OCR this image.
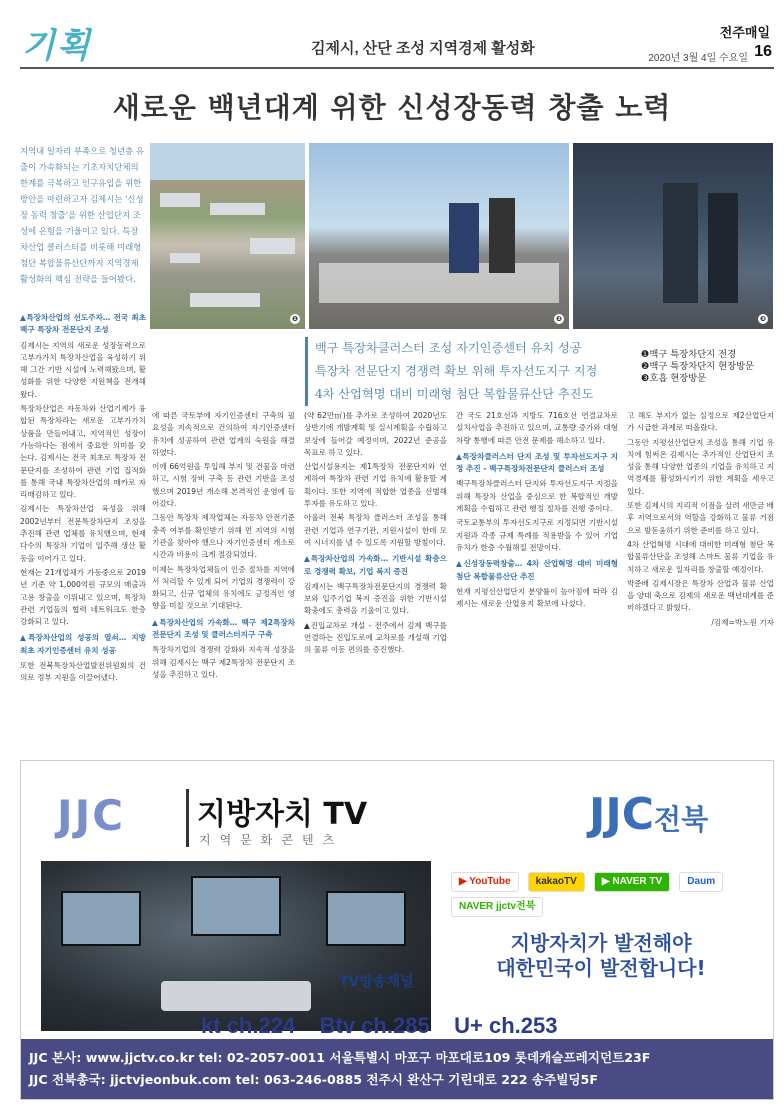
기획	김제시, 산단 조성 지역경제 활성화
전주매일
2020년 3월 4일 수요일 16
새로운 백년대계 위한 신성장동력 창출 노력
지역내 일자리 부족으로 청년층 유출이 가속화되는 기초자치단체의 한계를 극복하고 인구유입을 위한 방안을 마련하고자 김제시는 '신성장 동력 창출'을 위한 산업단지 조성에 온힘을 기울이고 있다. 특장차산업 클러스터를 비롯해 미래형 첨단 복합물류산단까지 지역경제 활성화의 핵심 전략을 들어봤다.
❶	❷	❸
백구 특장차클러스터 조성 자기인증센터 유치 성공
특장차 전문단지 경쟁력 확보 위해 투자선도지구 지정
4차 산업혁명 대비 미래형 첨단 복합물류산단 추진도
❶백구 특장차단지 전경
❷백구 특장차단지 현장방문
❸호흡 현장방문

▲특장차산업의 선도주자… 전국 최초 백구 특장차 전문단지 조성

김제시는 지역의 새로운 성장동력으로 고부가가치 특장차산업을 육성하기 위해 그간 기반 시설에 노력해왔으며, 활성화를 위한 다양한 지원책을 전개해왔다.

특장차산업은 자동차와 산업기계가 융합된 특장차라는 새로운 고부가가치 상품을 만들어내고, 지역적인 성장이 가능하다는 점에서 중요한 의미를 갖는다. 김제시는 전국 최초로 특장차 전문단지를 조성하여 관련 기업 집적화를 통해 국내 특장차산업의 메카로 자리매김하고 있다.

김제시는 특장차산업 육성을 위해 2002년부터 전문특장차단지 조성을 추진해 관련 업체를 유치했으며, 현재 다수의 특장차 기업이 입주해 생산 활동을 이어가고 있다.

현재는 21개업체가 가동중으로 2019년 기준 약 1,000억원 규모의 매출과 고용 창출을 이뤄내고 있으며, 특장차 관련 기업들의 협력 네트워크도 한층 강화되고 있다.

▲특장차산업의 성공의 열쇠… 지방 최초 자기인증센터 유치 성공

또한 전북특장차산업발전위원회의 건의로 정부 지원을 이끌어냈다.

에 따른 국토부에 자기인증센터 구축의 필요성을 지속적으로 건의하여 자기인증센터 유치에 성공하여 관련 업계의 숙원을 해결하였다.

이에 66억원을 투입해 부지 및 건물을 마련하고, 시험 장비 구축 등 관련 기반을 조성했으며 2019년 개소해 본격적인 운영에 들어갔다.

그동안 특장차 제작업체는 자동차 안전기준 충족 여부를 확인받기 위해 먼 지역의 시험기관을 찾아야 했으나 자기인증센터 개소로 시간과 비용이 크게 절감되었다.

이제는 특장차업체들이 인증 절차를 지역에서 처리할 수 있게 되어 기업의 경쟁력이 강화되고, 신규 업체의 유치에도 긍정적인 영향을 미칠 것으로 기대된다.

▲특장차산업의 가속화… 백구 제2특장차 전문단지 조성 및 클러스터지구 구축

특장차기업의 경쟁력 강화와 지속적 성장을 위해 김제시는 백구 제2특장차 전문단지 조성을 추진하고 있다.

(약 62만㎡)를 추가로 조성하여 2020년도 상반기에 개발계획 및 실시계획을 수립하고 보상에 들어갈 예정이며, 2022년 준공을 목표로 하고 있다.

산업시설용지는 제1특장차 전문단지와 연계하여 특장차 관련 기업 유치에 활용할 계획이다. 또한 지역에 적합한 업종을 선별해 투자를 유도하고 있다.

아울러 전북 특장차 클러스터 조성을 통해 관련 기업과 연구기관, 지원시설이 한데 모여 시너지를 낼 수 있도록 지원할 방침이다.

▲특장차산업의 가속화… 기반시설 확충으로 경쟁력 확보, 기업 복지 증진

김제시는 백구특장차전문단지의 경쟁력 확보와 입주기업 복지 증진을 위한 기반시설 확충에도 총력을 기울이고 있다.

▲진입교차로 개설 - 전주에서 김제 백구를 연결하는 진입도로에 교차로를 개설해 기업의 물류 이동 편의를 증진했다.

간 국도 21호선과 지방도 716호선 연결교차로 설치사업을 추진하고 있으며, 교통량 증가와 대형 차량 통행에 따른 안전 문제를 해소하고 있다.

▲특장차클러스터 단지 조성 및 투자선도지구 지정 추진 - 백구특장차전문단지 클러스터 조성

백구특장차클러스터 단지와 투자선도지구 지정을 위해 특장차 산업을 중심으로 한 복합적인 개발 계획을 수립하고 관련 행정 절차를 진행 중이다.

국토교통부의 투자선도지구로 지정되면 기반시설 지원과 각종 규제 특례를 적용받을 수 있어 기업 유치가 한층 수월해질 전망이다.

▲신성장동력창출… 4차 산업혁명 대비 미래형 첨단 복합물류산단 추진

현재 지평선산업단지 분양률이 높아짐에 따라 김제시는 새로운 산업용지 확보에 나섰다.

고 해도 부지가 없는 실정으로 제2산업단지가 시급한 과제로 떠올랐다.

그동안 지평선산업단지 조성을 통해 기업 유치에 힘써온 김제시는 추가적인 산업단지 조성을 통해 다양한 업종의 기업을 유치하고 지역경제를 활성화시키기 위한 계획을 세우고 있다.

또한 김제시의 지리적 이점을 살려 새만금 배후 지역으로서의 역할을 강화하고 물류 거점으로 발돋움하기 위한 준비를 하고 있다.

4차 산업혁명 시대에 대비한 미래형 첨단 복합물류산단을 조성해 스마트 물류 기업을 유치하고 새로운 일자리를 창출할 예정이다.

박준배 김제시장은 특장차 산업과 물류 산업을 양대 축으로 김제의 새로운 백년대계를 준비하겠다고 밝혔다.

/김제=박노원 기자

JJC 지방자치 TV
지역문화콘텐츠
TV방송채널
JJC전북
▶ YouTube	kakaoTV	▶ NAVER TV	Daum NAVER jjctv전북
지방자치가 발전해야
대한민국이 발전합니다!
kt ch.224 Btv ch.285 U+ ch.253
JJC 본사: www.jjctv.co.kr tel: 02-2057-0011 서울특별시 마포구 마포대로109 롯데캐슬프레지던트23F
JJC 전북총국: jjctvjeonbuk.com tel: 063-246-0885 전주시 완산구 기린대로 222 송주빌딩5F
